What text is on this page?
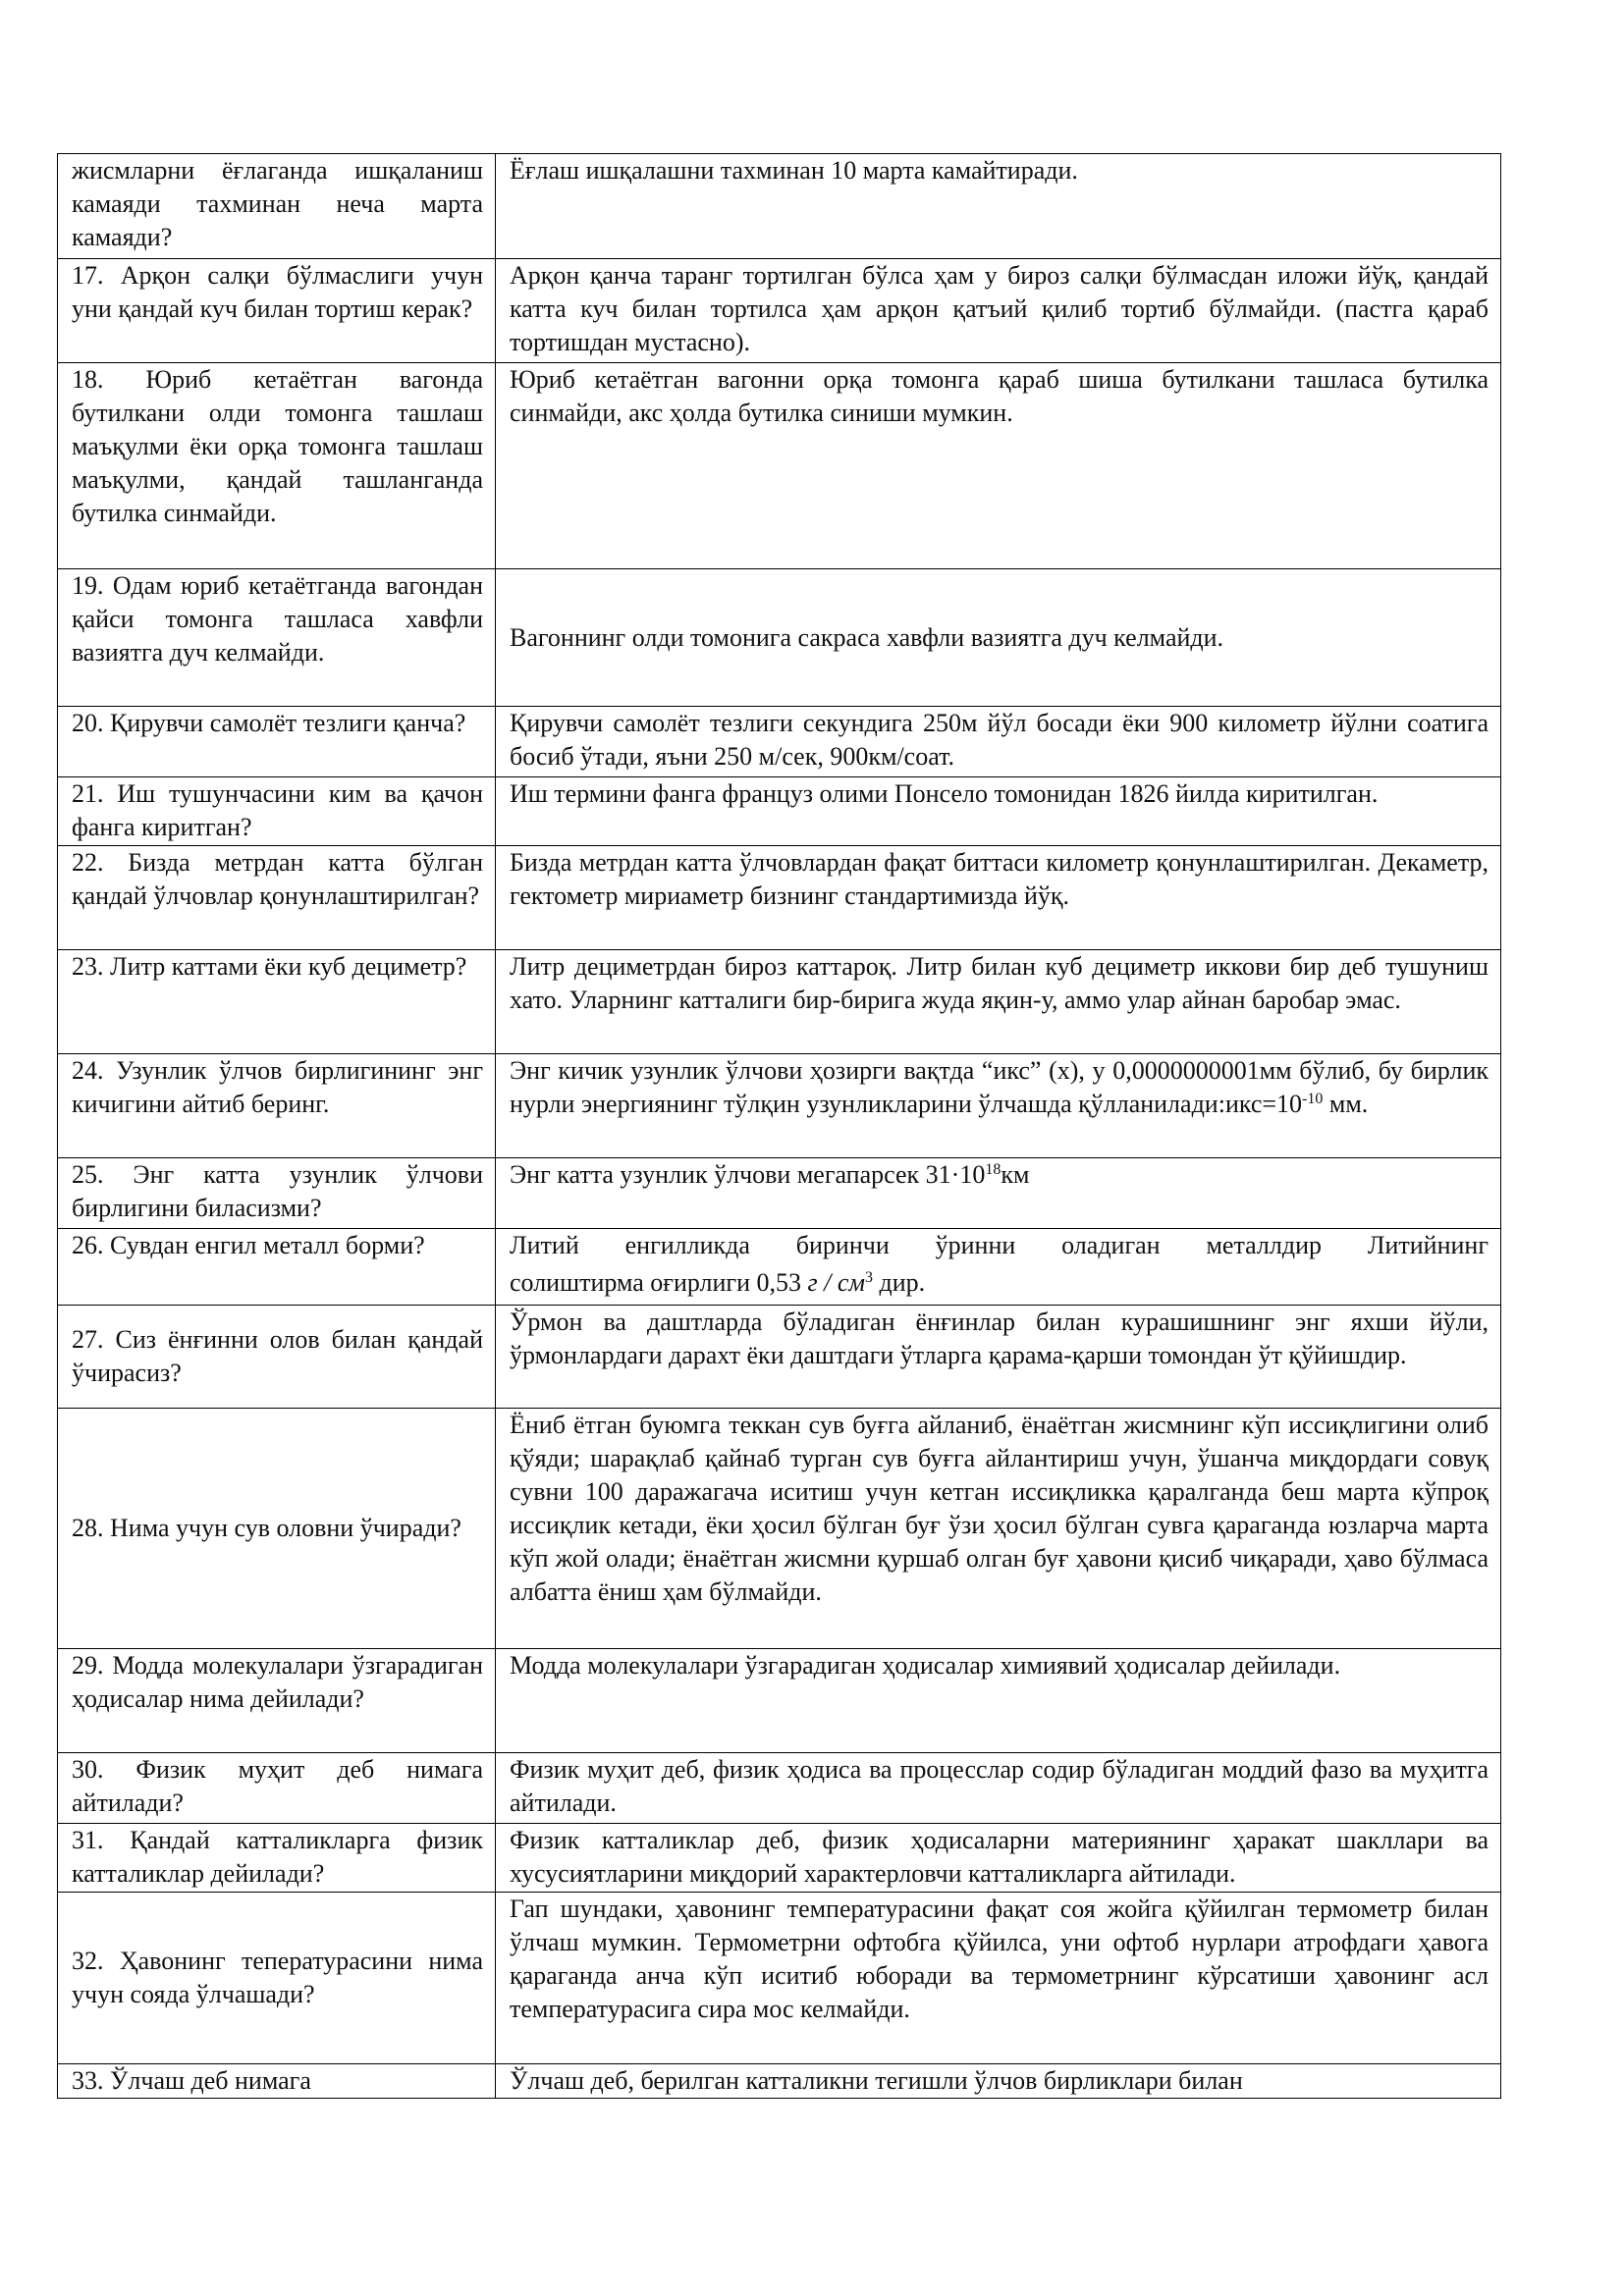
жисмларни ёғлаганда ишқаланиш камаяди тахминан неча марта камаяди?	Ёғлаш ишқалашни тахминан 10 марта камайтиради.
17. Арқон салқи бўлмаслиги учун уни қандай куч билан тортиш керак?	Арқон қанча таранг тортилган бўлса ҳам у бироз салқи бўлмасдан иложи йўқ, қандай катта куч билан тортилса ҳам арқон қатъий қилиб тортиб бўлмайди. (пастга қараб тортишдан мустасно).
18. Юриб кетаётган вагонда бутилкани олди томонга ташлаш маъқулми ёки орқа томонга ташлаш маъқулми, қандай ташланганда бутилка синмайди.	Юриб кетаётган вагонни орқа томонга қараб шиша бутилкани ташласа бутилка синмайди, акс ҳолда бутилка синиши мумкин.
19. Одам юриб кетаётганда вагондан қайси томонга ташласа хавфли вазиятга дуч келмайди.	Вагоннинг олди томонига сакраса хавфли вазиятга дуч келмайди.
20. Қирувчи самолёт тезлиги қанча?	Қирувчи самолёт тезлиги секундига 250м йўл босади ёки 900 километр йўлни соатига босиб ўтади, яъни 250 м/сек, 900км/соат.
21. Иш тушунчасини ким ва қачон фанга киритган?	Иш термини фанга француз олими Понсело томонидан 1826 йилда киритилган.
22. Бизда метрдан катта бўлган қандай ўлчовлар қонунлаштирилган?	Бизда метрдан катта ўлчовлардан фақат биттаси километр қонунлаштирилган. Декаметр, гектометр мириаметр бизнинг стандартимизда йўқ.
23. Литр каттами ёки куб дециметр?	Литр дециметрдан бироз каттароқ. Литр билан куб дециметр иккови бир деб тушуниш хато. Уларнинг катталиги бир-бирига жуда яқин-у, аммо улар айнан баробар эмас.
24. Узунлик ўлчов бирлигининг энг кичигини айтиб беринг.	Энг кичик узунлик ўлчови ҳозирги вақтда “икс” (x), у 0,0000000001мм бўлиб, бу бирлик нурли энергиянинг тўлқин узунликларини ўлчашда $қўлланилади:икс=10^{-10}$ мм.
25. Энг катта узунлик ўлчови бирлигини биласизми?	Энг катта узунлик ўлчови мегапарсек $31\cdot 10^{18}км$
26. Сувдан енгил металл борми?	Литий енгилликда биринчи ўринни оладиган металлдир Литийнинг
солиштирма оғирлиги 0,53 г / $см^3$ дир.

27. Сиз ёнғинни олов билан қандай ўчирасиз?	Ўрмон ва даштларда бўладиган ёнғинлар билан курашишнинг энг яхши йўли, ўрмонлардаги дарахт ёки даштдаги ўтларга қарама-қарши томондан ўт қўйишдир.
28. Нима учун сув оловни ўчиради?	Ёниб ётган буюмга теккан сув буғга айланиб, ёнаётган жисмнинг кўп иссиқлигини олиб қўяди; шарақлаб қайнаб турган сув буғга айлантириш учун, ўшанча миқдордаги совуқ сувни 100 даражагача иситиш учун кетган иссиқликка қаралганда беш марта кўпроқ иссиқлик кетади, ёки ҳосил бўлган буғ ўзи ҳосил бўлган сувга қараганда юзларча марта кўп жой олади; ёнаётган жисмни қуршаб олган буғ ҳавони қисиб чиқаради, ҳаво бўлмаса албатта ёниш ҳам бўлмайди.
29. Модда молекулалари ўзгарадиган ҳодисалар нима дейилади?	Модда молекулалари ўзгарадиган ҳодисалар химиявий ҳодисалар дейилади.
30. Физик муҳит деб нимага айтилади?	Физик муҳит деб, физик ҳодиса ва процесслар содир бўладиган моддий фазо ва муҳитга айтилади.
31. Қандай катталикларга физик катталиклар дейилади?	Физик катталиклар деб, физик ҳодисаларни материянинг ҳаракат шакллари ва хусусиятларини миқдорий характерловчи катталикларга айтилади.
32. Ҳавонинг тепературасини нима учун сояда ўлчашади?	Гап шундаки, ҳавонинг температурасини фақат соя жойга қўйилган термометр билан ўлчаш мумкин. Термометрни офтобга қўйилса, уни офтоб нурлари атрофдаги ҳавога қараганда анча кўп иситиб юборади ва термометрнинг кўрсатиши ҳавонинг асл температурасига сира мос келмайди.
33. Ўлчаш деб нимага	Ўлчаш деб, берилган катталикни тегишли ўлчов бирликлари билан
